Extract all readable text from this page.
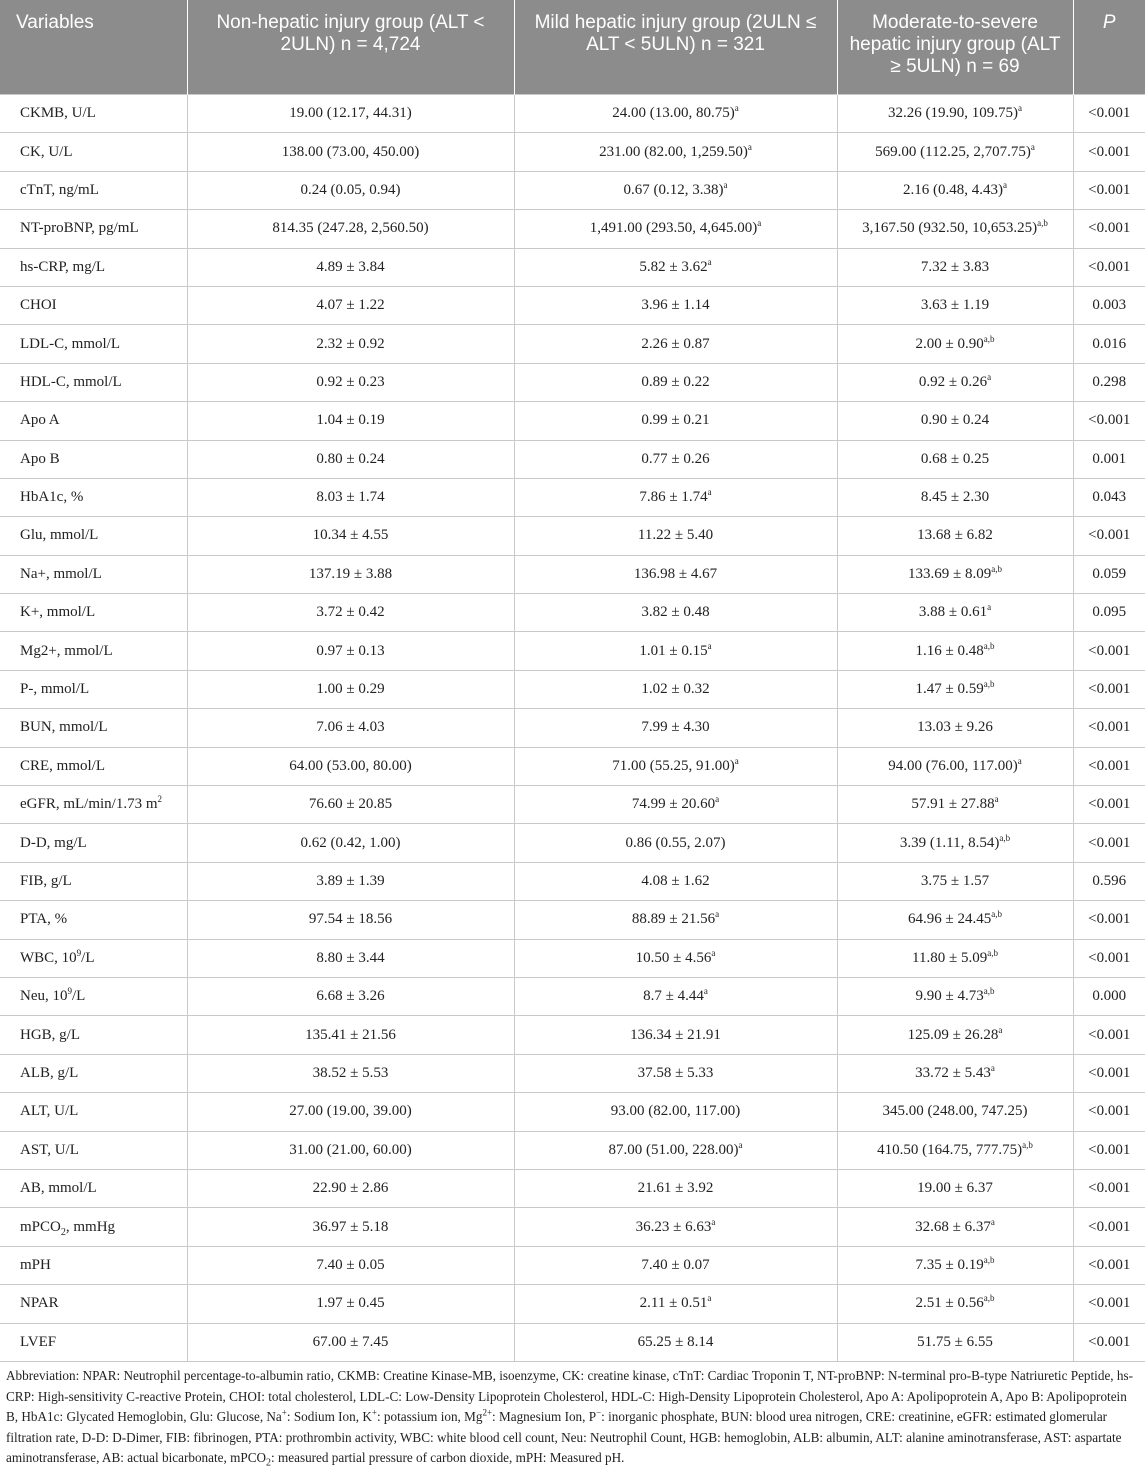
Variables	Non-hepatic injury group (ALT < 2ULN) n = 4,724	Mild hepatic injury group (2ULN ≤ ALT < 5ULN) n = 321	Moderate-to-severe hepatic injury group (ALT ≥ 5ULN) n = 69	P

CKMB, U/L	19.00 (12.17, 44.31)	24.00 (13.00, 80.75)$^a$	32.26 (19.90, 109.75)$^a$	<0.001
CK, U/L	138.00 (73.00, 450.00)	231.00 (82.00, 1,259.50)$^a$	569.00 (112.25, 2,707.75)$^a$	<0.001
cTnT, ng/mL	0.24 (0.05, 0.94)	0.67 (0.12, 3.38)$^a$	2.16 (0.48, 4.43)$^a$	<0.001
NT-proBNP, pg/mL	814.35 (247.28, 2,560.50)	1,491.00 (293.50, 4,645.00)$^a$	3,167.50 (932.50, 10,653.25)$^{a,b}$	<0.001
hs-CRP, mg/L	4.89 ± 3.84	5.82 ± 3.62$^a$	7.32 ± 3.83	<0.001
CHOI	4.07 ± 1.22	3.96 ± 1.14	3.63 ± 1.19	0.003
LDL-C, mmol/L	2.32 ± 0.92	2.26 ± 0.87	$2.00 \pm 0.90^{a,b}$	0.016
HDL-C, mmol/L	0.92 ± 0.23	0.89 ± 0.22	0.92 ± 0.26$^a$	0.298
Apo A	1.04 ± 0.19	0.99 ± 0.21	0.90 ± 0.24	<0.001
Apo B	0.80 ± 0.24	0.77 ± 0.26	0.68 ± 0.25	0.001
HbA1c, %	8.03 ± 1.74	7.86 ± 1.74$^a$	8.45 ± 2.30	0.043
Glu, mmol/L	10.34 ± 4.55	11.22 ± 5.40	13.68 ± 6.82	<0.001
Na+, mmol/L	137.19 ± 3.88	136.98 ± 4.67	$133.69 \pm 8.09^{a,b}$	0.059
K+, mmol/L	3.72 ± 0.42	3.82 ± 0.48	3.88 ± 0.61$^a$	0.095
Mg2+, mmol/L	0.97 ± 0.13	1.01 ± 0.15$^a$	$1.16 \pm 0.48^{a,b}$	<0.001
P-, mmol/L	1.00 ± 0.29	1.02 ± 0.32	$1.47 \pm 0.59^{a,b}$	<0.001
BUN, mmol/L	7.06 ± 4.03	7.99 ± 4.30	13.03 ± 9.26	<0.001
CRE, mmol/L	64.00 (53.00, 80.00)	71.00 (55.25, 91.00)$^a$	94.00 (76.00, 117.00)$^a$	<0.001
eGFR, mL/min/1.73 $m^2$	76.60 ± 20.85	74.99 ± 20.60$^a$	57.91 ± 27.88$^a$	<0.001
D-D, mg/L	0.62 (0.42, 1.00)	0.86 (0.55, 2.07)	3.39 (1.11, 8.54)$^{a,b}$	<0.001
FIB, g/L	3.89 ± 1.39	4.08 ± 1.62	3.75 ± 1.57	0.596
PTA, %	97.54 ± 18.56	88.89 ± 21.56$^a$	$64.96 \pm 24.45^{a,b}$	<0.001
WBC, $10^9/L$	8.80 ± 3.44	10.50 ± 4.56$^a$	$11.80 \pm 5.09^{a,b}$	<0.001
Neu, $10^9/L$	6.68 ± 3.26	8.7 ± 4.44$^a$	$9.90 \pm 4.73^{a,b}$	0.000
HGB, g/L	135.41 ± 21.56	136.34 ± 21.91	125.09 ± 26.28$^a$	<0.001
ALB, g/L	38.52 ± 5.53	37.58 ± 5.33	33.72 ± 5.43$^a$	<0.001
ALT, U/L	27.00 (19.00, 39.00)	93.00 (82.00, 117.00)	345.00 (248.00, 747.25)	<0.001
AST, U/L	31.00 (21.00, 60.00)	87.00 (51.00, 228.00)$^a$	410.50 (164.75, 777.75)$^{a,b}$	<0.001
AB, mmol/L	22.90 ± 2.86	21.61 ± 3.92	19.00 ± 6.37	<0.001
mPCO$_2$, mmHg	36.97 ± 5.18	36.23 ± 6.63$^a$	32.68 ± 6.37$^a$	<0.001
mPH	7.40 ± 0.05	7.40 ± 0.07	$7.35 \pm 0.19^{a,b}$	<0.001
NPAR	1.97 ± 0.45	2.11 ± 0.51$^a$	$2.51 \pm 0.56^{a,b}$	<0.001
LVEF	67.00 ± 7.45	65.25 ± 8.14	51.75 ± 6.55	<0.001
Abbreviation: NPAR: Neutrophil percentage-to-albumin ratio, CKMB: Creatine Kinase-MB, isoenzyme, CK: creatine kinase, cTnT: Cardiac Troponin T, NT-proBNP: N-terminal pro-B-type Natriuretic Peptide, hs-CRP: High-sensitivity C-reactive Protein, CHOI: total cholesterol, LDL-C: Low-Density Lipoprotein Cholesterol, HDL-C: High-Density Lipoprotein Cholesterol, Apo A: Apolipoprotein A, Apo B: Apolipoprotein B, HbA1c: Glycated Hemoglobin, Glu: Glucose, Na+: Sodium Ion, K+: potassium ion, $Mg^{2+}$: Magnesium Ion, P−: inorganic phosphate, BUN: blood urea nitrogen, CRE: creatinine, eGFR: estimated glomerular filtration rate, D-D: D-Dimer, FIB: fibrinogen, PTA: prothrombin activity, WBC: white blood cell count, Neu: Neutrophil Count, HGB: hemoglobin, ALB: albumin, ALT: alanine aminotransferase, AST: aspartate aminotransferase, AB: actual bicarbonate, mPCO$_2$: measured partial pressure of carbon dioxide, mPH: Measured pH.
